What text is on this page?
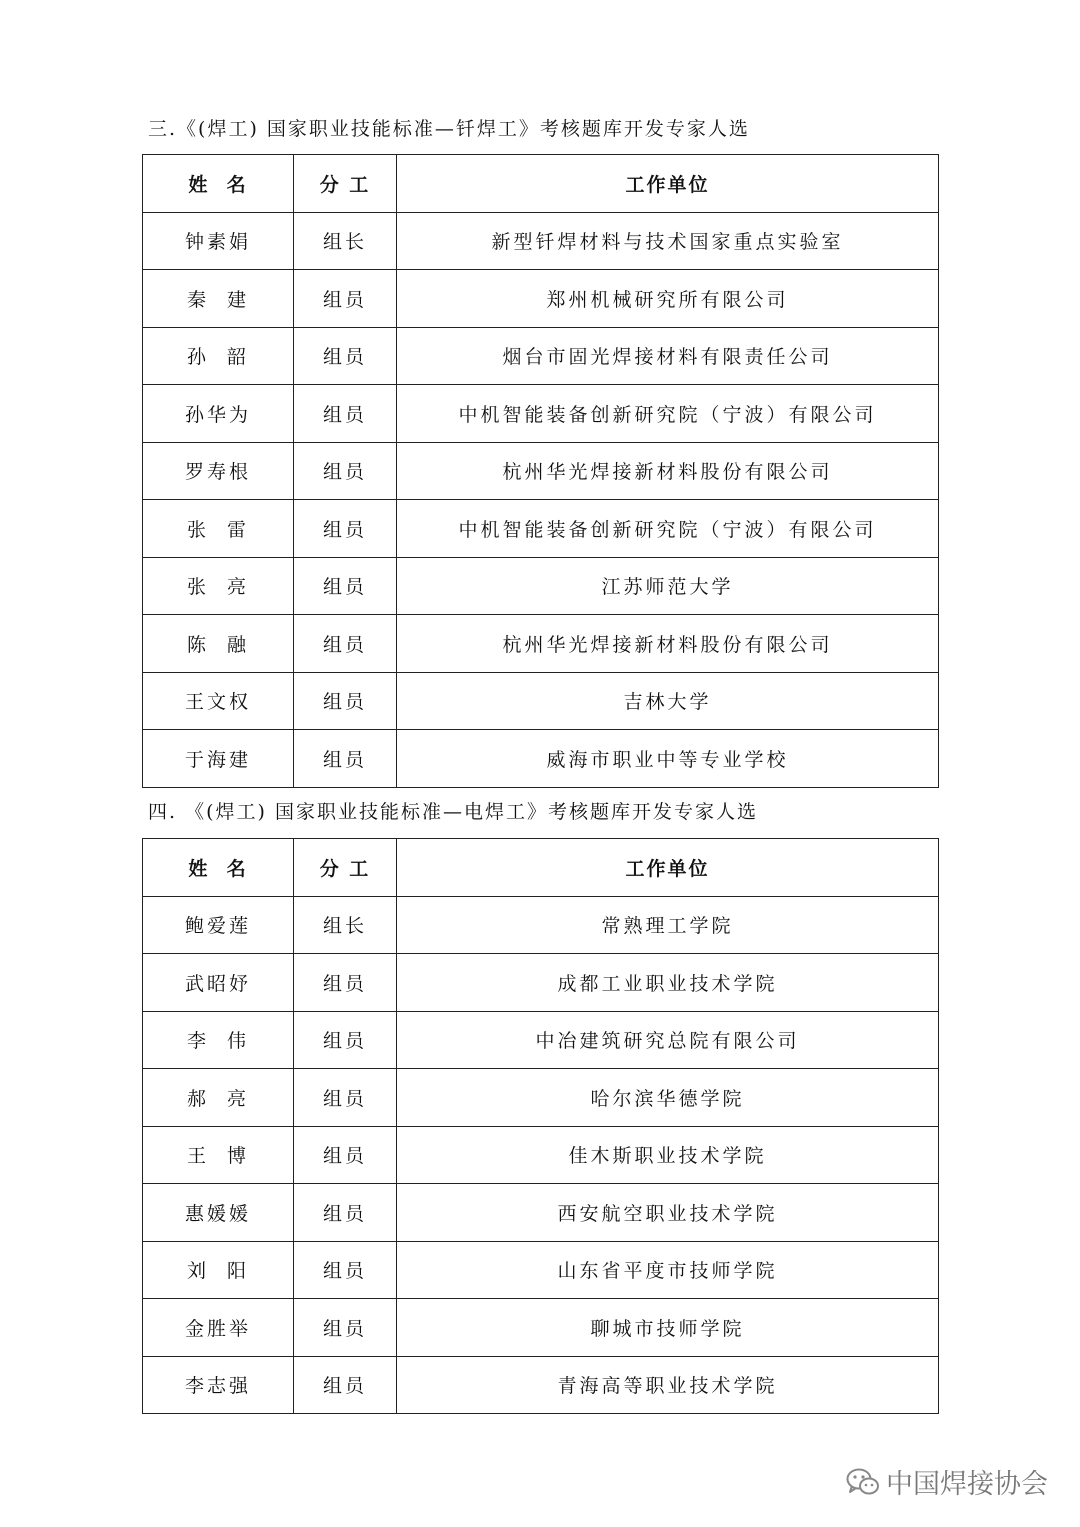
三.《(焊工) 国家职业技能标准—钎焊工》考核题库开发专家人选
姓  名	分 工	工作单位
钟素娟	组长	新型钎焊材料与技术国家重点实验室
秦  建	组员	郑州机械研究所有限公司
孙  韶	组员	烟台市固光焊接材料有限责任公司
孙华为	组员	中机智能装备创新研究院（宁波）有限公司
罗寿根	组员	杭州华光焊接新材料股份有限公司
张  雷	组员	中机智能装备创新研究院（宁波）有限公司
张  亮	组员	江苏师范大学
陈  融	组员	杭州华光焊接新材料股份有限公司
王文权	组员	吉林大学
于海建	组员	威海市职业中等专业学校
四. 《(焊工) 国家职业技能标准—电焊工》考核题库开发专家人选
姓  名	分 工	工作单位
鲍爱莲	组长	常熟理工学院
武昭妤	组员	成都工业职业技术学院
李  伟	组员	中冶建筑研究总院有限公司
郝  亮	组员	哈尔滨华德学院
王  博	组员	佳木斯职业技术学院
惠媛媛	组员	西安航空职业技术学院
刘  阳	组员	山东省平度市技师学院
金胜举	组员	聊城市技师学院
李志强	组员	青海高等职业技术学院
中国焊接协会
